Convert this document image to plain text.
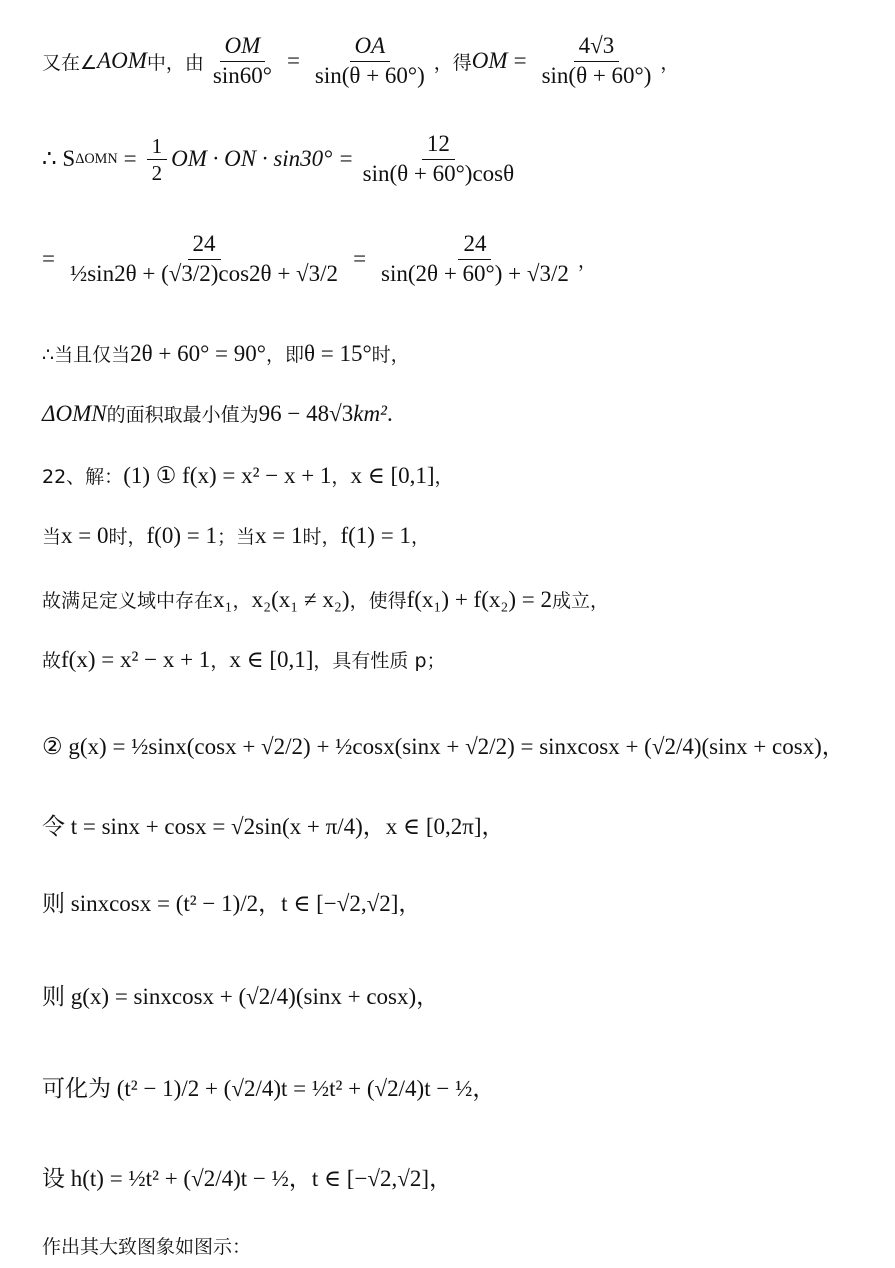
又在∠ AOM 中，由 $\frac{OM}{\sin 60^\circ} = \frac{OA}{\sin(\theta + 60^\circ)}$ ，得 OM = $\frac{4√3}{\sin(\theta + 60^\circ)}$ ，
∴ S $\Delta OMN = \frac{1}{2}$ OM · ON · $\sin 30^\circ = \frac{12}{\sin(\theta + 60^\circ)\cos\theta}$
= $\frac{24}{\text{½sin2θ + (√3/2)cos2θ + √3/2}} = \frac{24}{\sin(2\theta + 60^\circ) + √3/2}$ ，
∴当且仅当 2θ + 60° = 90° ，即 θ = 15° 时，
ΔOMN 的面积取最小值为 96 − 48√3 km² .
22、解： (1) ① f(x) = x² − x + 1 ， x ∈ [0,1] ，
当 x = 0 时， f(0) = 1 ；当 x = 1 时， f(1) = 1 ，
故满足定义域中存在 x₁ ， x₂(x₁ ≠ x₂) ，使得 f(x₁) + f(x₂) = 2 成立，
故 f(x) = x² − x + 1 ， x ∈ [0,1] ，具有性质 p；
② g(x) = ½sinx(cosx + √2/2) + ½cosx(sinx + √2/2) = sinxcosx + (√2/4)(sinx + cosx)，
令 t = sinx + cosx = √2sin(x + π/4)，x ∈ [0,2π]，
则 sinxcosx = (t² − 1)/2，t ∈ [−√2,√2]，
则 g(x) = sinxcosx + (√2/4)(sinx + cosx)，
可化为 (t² − 1)/2 + (√2/4)t = ½t² + (√2/4)t − ½，
设 h(t) = ½t² + (√2/4)t − ½，t ∈ [−√2,√2]，
作出其大致图象如图示：
